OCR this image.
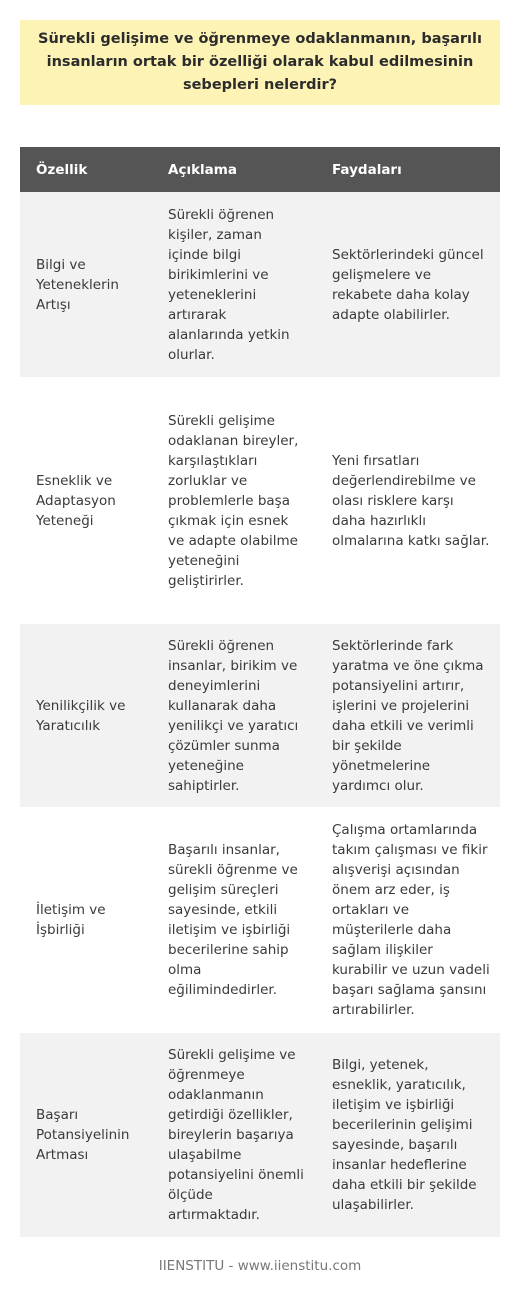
Sürekli gelişime ve öğrenmeye odaklanmanın, başarılı insanların ortak bir özelliği olarak kabul edilmesinin sebepleri nelerdir?
Özellik	Açıklama	Faydaları
Bilgi ve Yeteneklerin Artışı
Sürekli öğrenen kişiler, zaman içinde bilgi birikimlerini ve yeteneklerini artırarak alanlarında yetkin olurlar.
Sektörlerindeki güncel gelişmelere ve rekabete daha kolay adapte olabilirler.
Esneklik ve Adaptasyon Yeteneği
Sürekli gelişime odaklanan bireyler, karşılaştıkları zorluklar ve problemlerle başa çıkmak için esnek ve adapte olabilme yeteneğini geliştirirler.
Yeni fırsatları değerlendirebilme ve olası risklere karşı daha hazırlıklı olmalarına katkı sağlar.
Yenilikçilik ve Yaratıcılık
Sürekli öğrenen insanlar, birikim ve deneyimlerini kullanarak daha yenilikçi ve yaratıcı çözümler sunma yeteneğine sahiptirler.
Sektörlerinde fark yaratma ve öne çıkma potansiyelini artırır, işlerini ve projelerini daha etkili ve verimli bir şekilde yönetmelerine yardımcı olur.
İletişim ve İşbirliği
Başarılı insanlar, sürekli öğrenme ve gelişim süreçleri sayesinde, etkili iletişim ve işbirliği becerilerine sahip olma eğilimindedirler.
Çalışma ortamlarında takım çalışması ve fikir alışverişi açısından önem arz eder, iş ortakları ve müşterilerle daha sağlam ilişkiler kurabilir ve uzun vadeli başarı sağlama şansını artırabilirler.
Başarı Potansiyelinin Artması
Sürekli gelişime ve öğrenmeye odaklanmanın getirdiği özellikler, bireylerin başarıya ulaşabilme potansiyelini önemli ölçüde artırmaktadır.
Bilgi, yetenek, esneklik, yaratıcılık, iletişim ve işbirliği becerilerinin gelişimi sayesinde, başarılı insanlar hedeflerine daha etkili bir şekilde ulaşabilirler.
IIENSTITU - www.iienstitu.com
